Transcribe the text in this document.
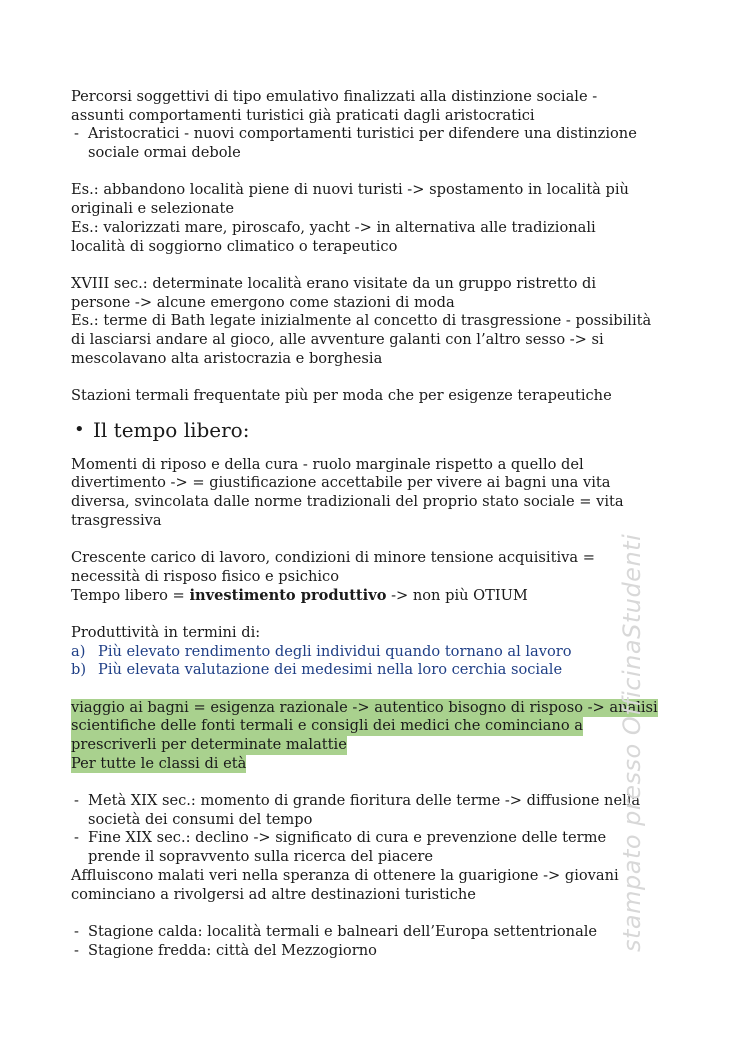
Percorsi soggettivi di tipo emulativo finalizzati alla distinzione sociale -
assunti comportamenti turistici già praticati dagli aristocratici
- Aristocratici - nuovi comportamenti turistici per difendere una distinzione
sociale ormai debole
Es.: abbandono località piene di nuovi turisti -> spostamento in località più
originali e selezionate
Es.: valorizzati mare, piroscafo, yacht -> in alternativa alle tradizionali
località di soggiorno climatico o terapeutico
XVIII sec.: determinate località erano visitate da un gruppo ristretto di
persone -> alcune emergono come stazioni di moda
Es.: terme di Bath legate inizialmente al concetto di trasgressione - possibilità
di lasciarsi andare al gioco, alle avventure galanti con l’altro sesso -> si
mescolavano alta aristocrazia e borghesia
Stazioni termali frequentate più per moda che per esigenze terapeutiche
• Il tempo libero:
Momenti di riposo e della cura - ruolo marginale rispetto a quello del
divertimento -> = giustificazione accettabile per vivere ai bagni una vita
diversa, svincolata dalle norme tradizionali del proprio stato sociale = vita
trasgressiva
Crescente carico di lavoro, condizioni di minore tensione acquisitiva =
necessità di risposo fisico e psichico
Tempo libero = investimento produttivo -> non più OTIUM
Produttività in termini di:
a) Più elevato rendimento degli individui quando tornano al lavoro
b) Più elevata valutazione dei medesimi nella loro cerchia sociale
viaggio ai bagni = esigenza razionale -> autentico bisogno di risposo -> analisi
scientifiche delle fonti termali e consigli dei medici che cominciano a
prescriverli per determinate malattie
Per tutte le classi di età
- Metà XIX sec.: momento di grande fioritura delle terme -> diffusione nella
società dei consumi del tempo
- Fine XIX sec.: declino -> significato di cura e prevenzione delle terme
prende il sopravvento sulla ricerca del piacere
Affluiscono malati veri nella speranza di ottenere la guarigione -> giovani
cominciano a rivolgersi ad altre destinazioni turistiche
- Stagione calda: località termali e balneari dell’Europa settentrionale
- Stagione fredda: città del Mezzogiorno	stampato presso OfficinaStudenti
